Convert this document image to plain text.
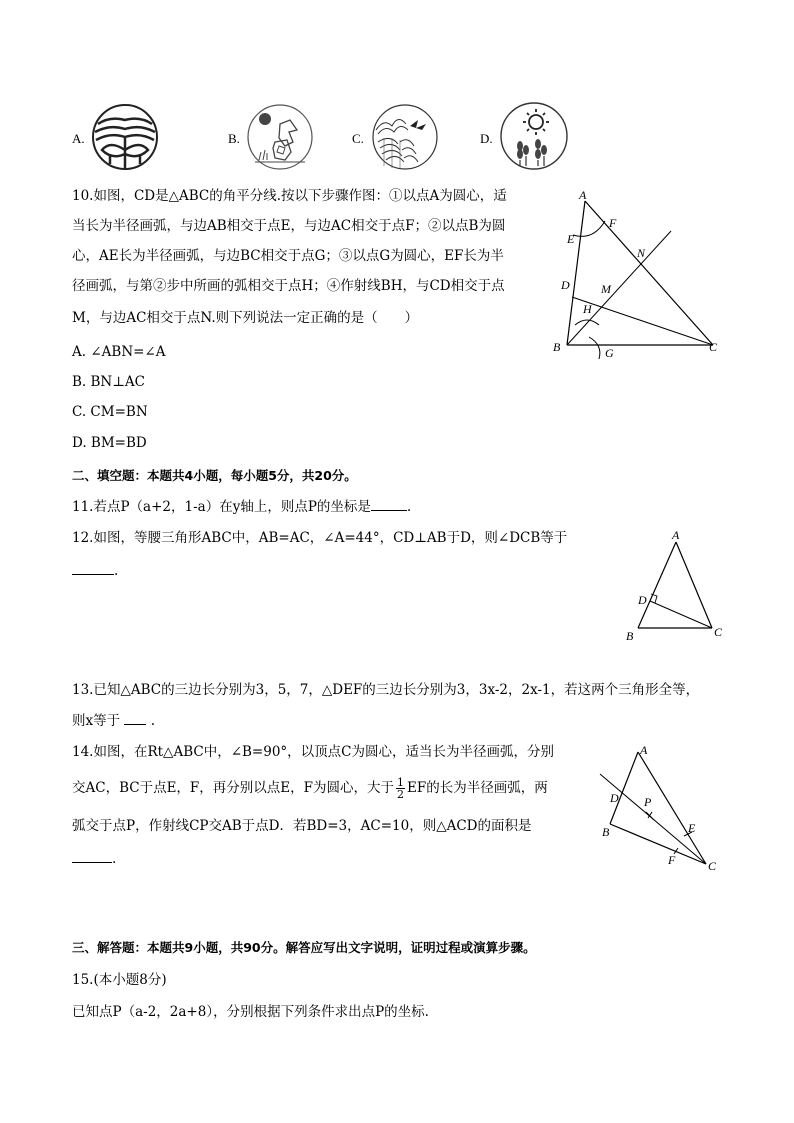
A.	B.	C.	D.
10.如图，CD是△ABC的角平分线.按以下步骤作图：①以点A为圆心，适
当长为半径画弧，与边AB相交于点E，与边AC相交于点F；②以点B为圆
心，AE长为半径画弧，与边BC相交于点G；③以点G为圆心，EF长为半
径画弧，与第②步中所画的弧相交于点H；④作射线BH，与CD相交于点
M，与边AC相交于点N.则下列说法一定正确的是（　　）
A. ∠ABN=∠A
B. BN⊥AC
C. CM=BN
D. BM=BD
A
F
E
N
D	M
H
B	G	C
二、填空题：本题共4小题，每小题5分，共20分。
11.若点P（a+2，1-a）在y轴上，则点P的坐标是	.
12.如图，等腰三角形ABC中，AB=AC，∠A=44°，CD⊥AB于D，则∠DCB等于
.
A
D
B	C
13.已知△ABC的三边长分别为3，5，7，△DEF的三边长分别为3，3x-2，2x-1，若这两个三角形全等，
则x等于 .
14.如图，在Rt△ABC中，∠B=90°，以顶点C为圆心，适当长为半径画弧，分别
交AC，BC于点E，F，再分别以点E，F为圆心，大于 $\frac{1}{2}$ EF的长为半径画弧，两
弧交于点P，作射线CP交AB于点D．若BD=3，AC=10，则△ACD的面积是
.
A
D P
E
B
F	C
三、解答题：本题共9小题，共90分。解答应写出文字说明，证明过程或演算步骤。
15.(本小题8分)
已知点P（a-2，2a+8），分别根据下列条件求出点P的坐标.
